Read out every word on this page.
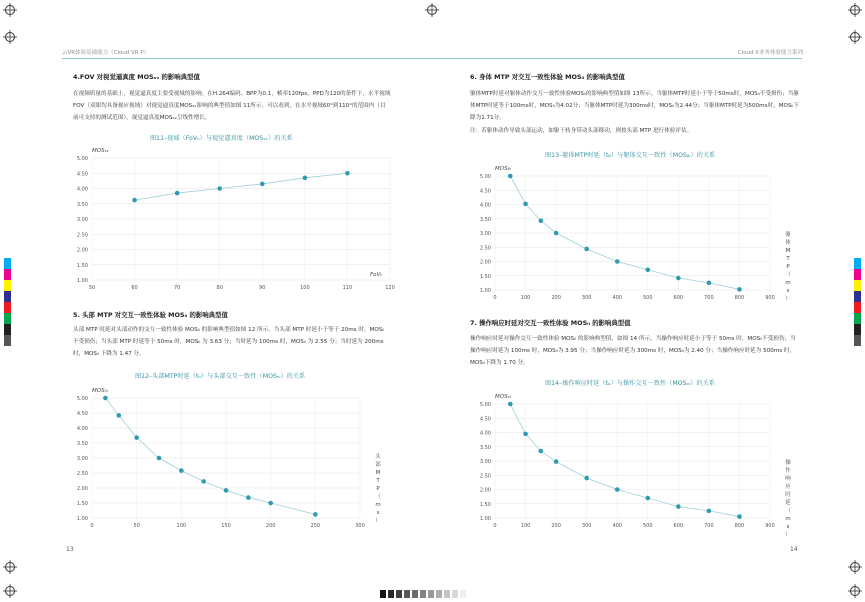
云VR体验基础能力（Cloud VR P）	Cloud X业务体验能力系列
4.FOV 对视觉逼真度 MOSₛᵥ 的影响典型值
在视频质量的基础上，视觉逼真度主要受视域的影响。在H.264编码、BPP为0.1，帧率120fps，PPD为120的条件下，水平视域FOV（双眼均具备视应视域）对视觉逼真度MOSₛᵥ影响的典型值如图 11所示。可以看到，在水平视域60°到110°的范围内（目前可支持的测试范围），视觉逼真度MOSₛᵥ呈线性增长。
图11–视域（FoVₕ）与视觉逼真度（MOSₛᵥ）的关系
5.00
4.50
4.00
3.50
3.00
2.50
2.00
1.50
1.00
50	60	70	80	90	100	110	120
MOSₛᵥ
FoVₕ
5. 头部 MTP 对交互一致性体验 MOSᵢᵢ 的影响典型值
头部 MTP 时延对头部动作的交互一致性体验 MOSᵢᵢ 的影响典型值如图 12 所示。当头部 MTP 时延小于等于 20ms 时，MOSᵢᵢ 不受损伤；当头部 MTP 时延等于 50ms 时，MOSᵢᵢ 为 3.63 分；当时延为 100ms 时，MOSᵢᵢ 为 2.55 分；当时延为 200ms 时，MOSᵢᵢ 下降为 1.47 分。
图12–头部MTP时延（tₕ）与头部交互一致性（MOSₕᵢ）的关系
5.00
4.50
4.00
3.50
3.00
2.50
2.00
1.50
1.00
0	50	100	150	200	250	300
MOSₕᵢ
头
部
M
T
P
（
m
s
）
13
6. 身体 MTP 对交互一致性体验 MOSᵢᵢ 的影响典型值
躯体MTP时延对躯体动作交互一致性体验MOSᵢᵢ的影响典型值如图 13所示。当躯体MTP时延小于等于50ms时，MOSᵢᵢ不受损伤；当躯体MTP时延等于100ms时，MOSᵢᵢ为4.02分；当躯体MTP时延为300ms时，MOSᵢᵢ为2.44分；当躯体MTP时延为500ms时，MOSᵢᵢ下降为1.71分。
注：若躯体动作导致头部运动，如躯干转身带动头部移动，则按头部 MTP 进行体验评估。
图13–躯体MTP时延（tᵦ）与躯体交互一致性（MOSᵦᵢ）的关系
5.00
4.50
4.00
3.50
3.00
2.50
2.00
1.50
1.00
0	100	200	300	400	500	600	700	800	900
MOSᵦᵢ
躯
体
M
T
P
（
m
s
）
7. 操作响应时延对交互一致性体验 MOSᵢᵢ 的影响典型值
操作响应时延对操作交互一致性体验 MOSᵢᵢ 的影响典型值，如图 14 所示。当操作响应时延小于等于 50ms 时，MOSᵢᵢ不受损伤；当操作响应时延为 100ms 时，MOSᵢᵢ为 3.95 分；当操作响应时延为 300ms 时，MOSᵢᵢ为 2.40 分；当操作响应时延为 500ms 时，MOSᵢᵢ下降为 1.70 分。
图14–操作响应时延（tₒ）与操作交互一致性（MOSₒᵢ）的关系
5.00
4.50
4.00
3.50
3.00
2.50
2.00
1.50
1.00
0	100	200	300	400	500	600	700	800	900
MOSₒᵢ
操
作
响
应
时
延
（
m
s
）
14
